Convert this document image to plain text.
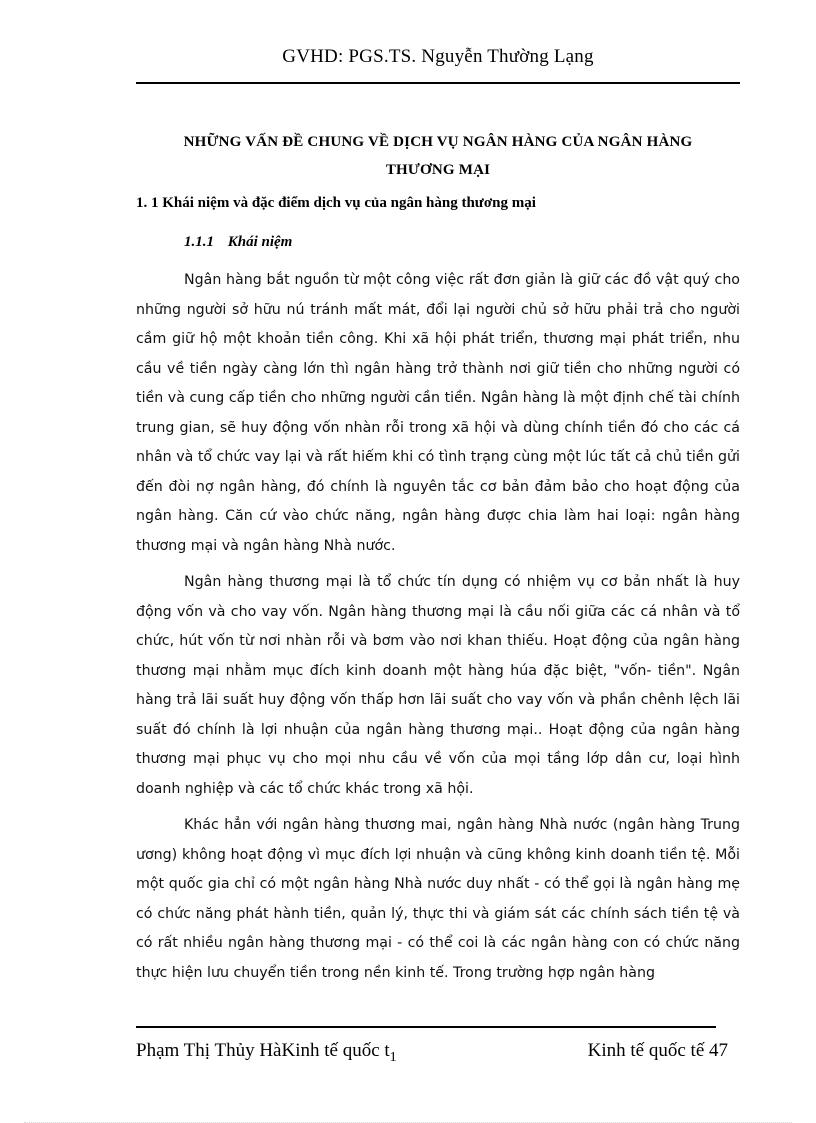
GVHD: PGS.TS. Nguyễn Thường Lạng
NHỮNG VẤN ĐỀ CHUNG VỀ DỊCH VỤ NGÂN HÀNG CỦA NGÂN HÀNG
THƯƠNG MẠI
1. 1 Khái niệm và đặc điểm dịch vụ của ngân hàng thương mại
1.1.1 Khái niệm

Ngân hàng bắt nguồn từ một công việc rất đơn giản là giữ các đồ vật quý cho những người sở hữu nú tránh mất mát, đổi lại người chủ sở hữu phải trả cho người cầm giữ hộ một khoản tiền công. Khi xã hội phát triển, thương mại phát triển, nhu cầu về tiền ngày càng lớn thì ngân hàng trở thành nơi giữ tiền cho những người có tiền và cung cấp tiền cho những người cần tiền. Ngân hàng là một định chế tài chính trung gian, sẽ huy động vốn nhàn rỗi trong xã hội và dùng chính tiền đó cho các cá nhân và tổ chức vay lại và rất hiếm khi có tình trạng cùng một lúc tất cả chủ tiền gửi đến đòi nợ ngân hàng, đó chính là nguyên tắc cơ bản đảm bảo cho hoạt động của ngân hàng. Căn cứ vào chức năng, ngân hàng được chia làm hai loại: ngân hàng thương mại và ngân hàng Nhà nước.

Ngân hàng thương mại là tổ chức tín dụng có nhiệm vụ cơ bản nhất là huy động vốn và cho vay vốn. Ngân hàng thương mại là cầu nối giữa các cá nhân và tổ chức, hút vốn từ nơi nhàn rỗi và bơm vào nơi khan thiếu. Hoạt động của ngân hàng thương mại nhằm mục đích kinh doanh một hàng húa đặc biệt, "vốn- tiền". Ngân hàng trả lãi suất huy động vốn thấp hơn lãi suất cho vay vốn và phần chênh lệch lãi suất đó chính là lợi nhuận của ngân hàng thương mại.. Hoạt động của ngân hàng thương mại phục vụ cho mọi nhu cầu về vốn của mọi tầng lớp dân cư, loại hình doanh nghiệp và các tổ chức khác trong xã hội.

Khác hẳn với ngân hàng thương mai, ngân hàng Nhà nước (ngân hàng Trung ương) không hoạt động vì mục đích lợi nhuận và cũng không kinh doanh tiền tệ. Mỗi một quốc gia chỉ có một ngân hàng Nhà nước duy nhất - có thể gọi là ngân hàng mẹ có chức năng phát hành tiền, quản lý, thực thi và giám sát các chính sách tiền tệ và có rất nhiều ngân hàng thương mại - có thể coi là các ngân hàng con có chức năng thực hiện lưu chuyển tiền trong nền kinh tế. Trong trường hợp ngân hàng

Phạm Thị Thủy HàKinh tế quốc $t_1$	Kinh tế quốc tế 47
